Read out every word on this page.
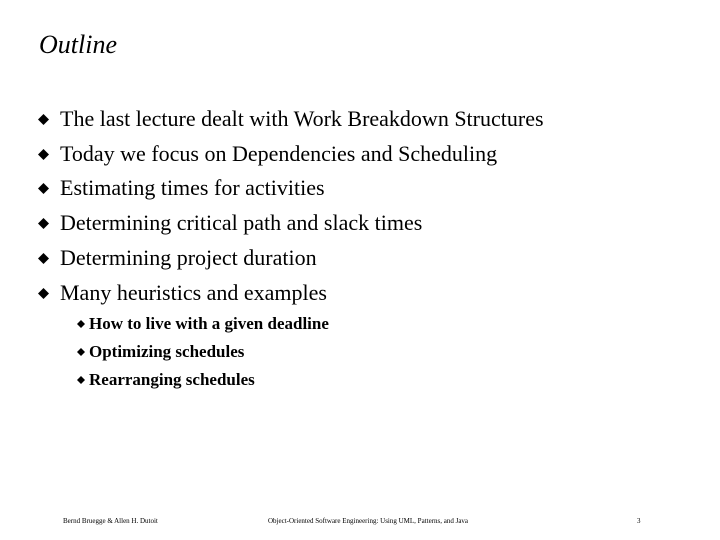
Outline
The last lecture dealt with Work Breakdown Structures
Today we focus on Dependencies and Scheduling
Estimating times for activities
Determining critical path and slack times
Determining project duration
Many heuristics and examples
How to live with a given deadline
Optimizing schedules
Rearranging schedules
Bernd Bruegge & Allen H. Dutoit	Object-Oriented Software Engineering: Using UML, Patterns, and Java	3
